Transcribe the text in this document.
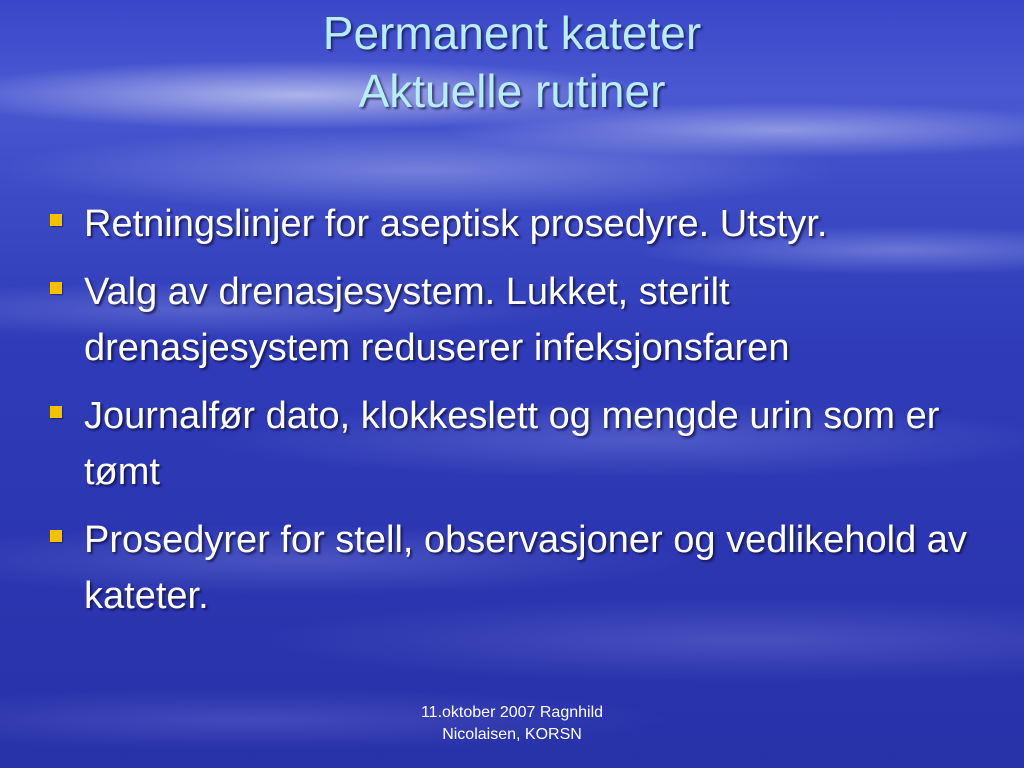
Permanent kateter
Aktuelle rutiner
Retningslinjer for aseptisk prosedyre. Utstyr.
Valg av drenasjesystem. Lukket, sterilt drenasjesystem reduserer infeksjonsfaren
Journalfør dato, klokkeslett og mengde urin som er tømt
Prosedyrer for stell, observasjoner og vedlikehold av kateter.
11.oktober 2007 Ragnhild
Nicolaisen, KORSN
